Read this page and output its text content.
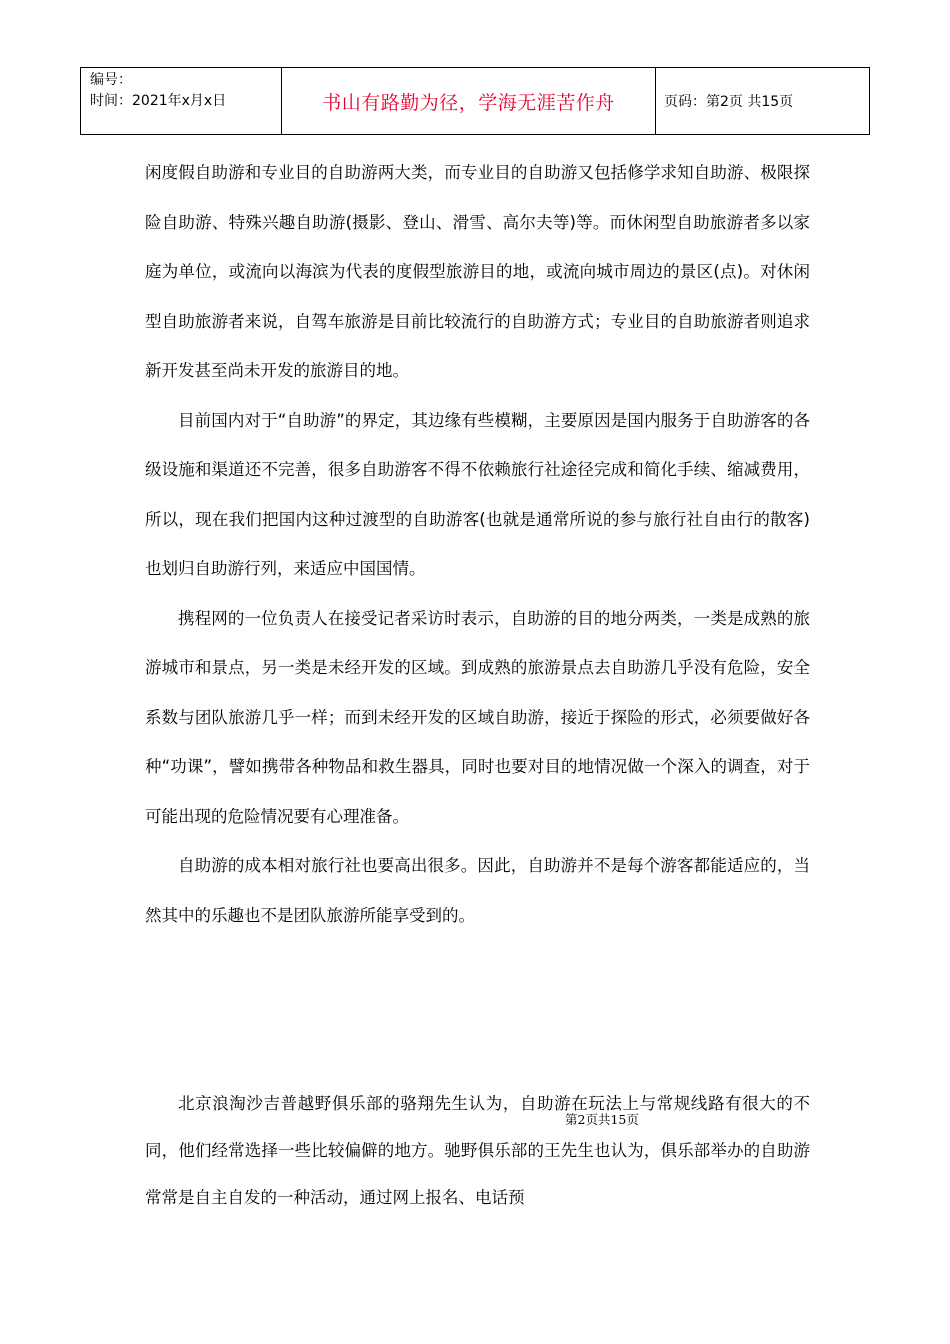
编号：
时间：2021年x月x日	书山有路勤为径，学海无涯苦作舟	页码：第2页 共15页

闲度假自助游和专业目的自助游两大类，而专业目的自助游又包括修学求知自助游、极限探险自助游、特殊兴趣自助游(摄影、登山、滑雪、高尔夫等)等。而休闲型自助旅游者多以家庭为单位，或流向以海滨为代表的度假型旅游目的地，或流向城市周边的景区(点)。对休闲型自助旅游者来说，自驾车旅游是目前比较流行的自助游方式；专业目的自助旅游者则追求新开发甚至尚未开发的旅游目的地。

目前国内对于“自助游”的界定，其边缘有些模糊，主要原因是国内服务于自助游客的各级设施和渠道还不完善，很多自助游客不得不依赖旅行社途径完成和简化手续、缩减费用，所以，现在我们把国内这种过渡型的自助游客(也就是通常所说的参与旅行社自由行的散客)也划归自助游行列，来适应中国国情。

携程网的一位负责人在接受记者采访时表示，自助游的目的地分两类，一类是成熟的旅游城市和景点，另一类是未经开发的区域。到成熟的旅游景点去自助游几乎没有危险，安全系数与团队旅游几乎一样；而到未经开发的区域自助游，接近于探险的形式，必须要做好各种“功课”，譬如携带各种物品和救生器具，同时也要对目的地情况做一个深入的调查，对于可能出现的危险情况要有心理准备。

自助游的成本相对旅行社也要高出很多。因此，自助游并不是每个游客都能适应的，当然其中的乐趣也不是团队旅游所能享受到的。

北京浪淘沙吉普越野俱乐部的骆翔先生认为，自助游在玩法上与常规线路有很大的不同，他们经常选择一些比较偏僻的地方。驰野俱乐部的王先生也认为，俱乐部举办的自助游常常是自主自发的一种活动，通过网上报名、电话预

第2页共15页
